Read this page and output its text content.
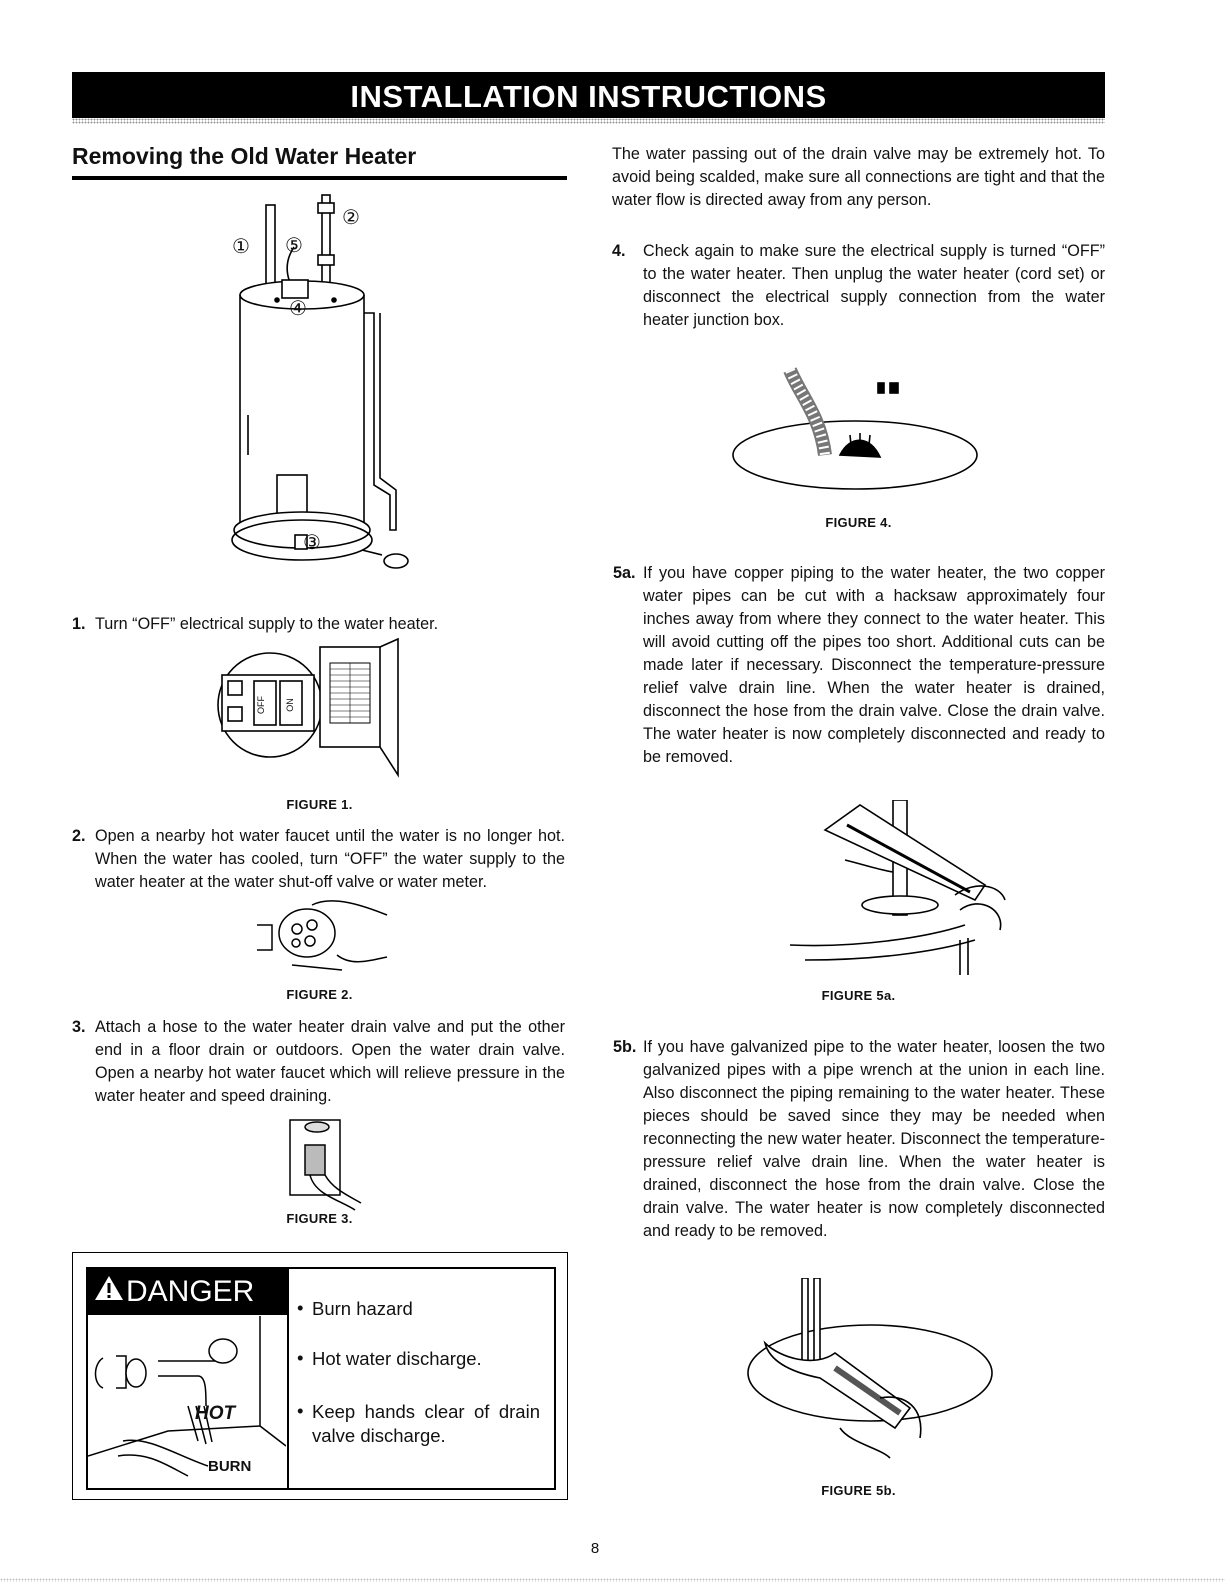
INSTALLATION INSTRUCTIONS
Removing the Old Water Heater
①
②
③
④
⑤
1. Turn “OFF” electrical supply to the water heater.
OFF ON
FIGURE 1.
2. Open a nearby hot water faucet until the water is no longer hot. When the water has cooled, turn “OFF” the water supply to the water heater at the water shut-off valve or water meter.
FIGURE 2.
3. Attach a hose to the water heater drain valve and put the other end in a floor drain or outdoors. Open the water drain valve. Open a nearby hot water faucet which will relieve pressure in the water heater and speed draining.
FIGURE 3.
DANGER
HOT
BURN
• Burn hazard
• Hot water discharge.
• Keep hands clear of drain valve discharge.
The water passing out of the drain valve may be extremely hot. To avoid being scalded, make sure all connections are tight and that the water flow is directed away from any person.
4. Check again to make sure the electrical supply is turned “OFF” to the water heater. Then unplug the water heater (cord set) or disconnect the electrical supply connection from the water heater junction box.
FIGURE 4.
5a. If you have copper piping to the water heater, the two copper water pipes can be cut with a hacksaw approximately four inches away from where they connect to the water heater. This will avoid cutting off the pipes too short. Additional cuts can be made later if necessary. Disconnect the temperature-pressure relief valve drain line. When the water heater is drained, disconnect the hose from the drain valve. Close the drain valve. The water heater is now completely disconnected and ready to be removed.
FIGURE 5a.
5b. If you have galvanized pipe to the water heater, loosen the two galvanized pipes with a pipe wrench at the union in each line. Also disconnect the piping remaining to the water heater. These pieces should be saved since they may be needed when reconnecting the new water heater. Disconnect the temperature-pressure relief valve drain line. When the water heater is drained, disconnect the hose from the drain valve. Close the drain valve. The water heater is now completely disconnected and ready to be removed.
FIGURE 5b.
8
